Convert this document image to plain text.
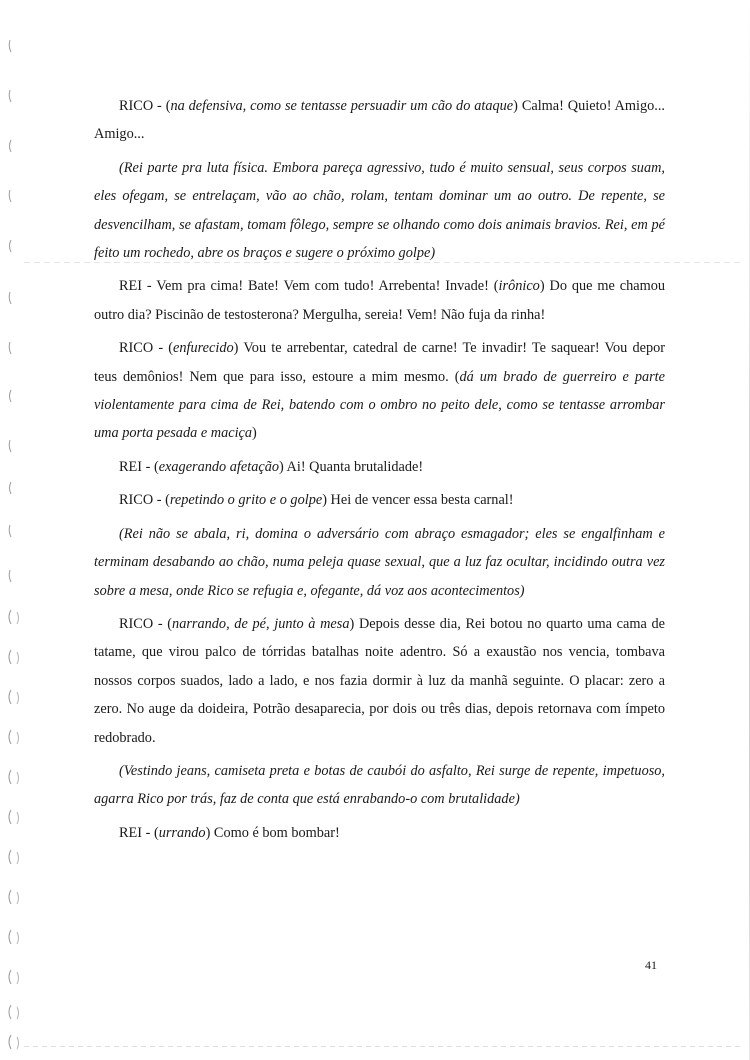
RICO - (na defensiva, como se tentasse persuadir um cão do ataque) Calma! Quieto! Amigo... Amigo...

(Rei parte pra luta física. Embora pareça agressivo, tudo é muito sensual, seus corpos suam, eles ofegam, se entrelaçam, vão ao chão, rolam, tentam dominar um ao outro. De repente, se desvencilham, se afastam, tomam fôlego, sempre se olhando como dois animais bravios. Rei, em pé feito um rochedo, abre os braços e sugere o próximo golpe)

REI - Vem pra cima! Bate! Vem com tudo! Arrebenta! Invade! (irônico) Do que me chamou outro dia? Piscinão de testosterona? Mergulha, sereia! Vem! Não fuja da rinha!

RICO - (enfurecido) Vou te arrebentar, catedral de carne! Te invadir! Te saquear! Vou depor teus demônios! Nem que para isso, estoure a mim mesmo. (dá um brado de guerreiro e parte violentamente para cima de Rei, batendo com o ombro no peito dele, como se tentasse arrombar uma porta pesada e maciça)

REI - (exagerando afetação) Ai! Quanta brutalidade!

RICO - (repetindo o grito e o golpe) Hei de vencer essa besta carnal!

(Rei não se abala, ri, domina o adversário com abraço esmagador; eles se engalfinham e terminam desabando ao chão, numa peleja quase sexual, que a luz faz ocultar, incidindo outra vez sobre a mesa, onde Rico se refugia e, ofegante, dá voz aos acontecimentos)

RICO - (narrando, de pé, junto à mesa) Depois desse dia, Rei botou no quarto uma cama de tatame, que virou palco de tórridas batalhas noite adentro. Só a exaustão nos vencia, tombava nossos corpos suados, lado a lado, e nos fazia dormir à luz da manhã seguinte. O placar: zero a zero. No auge da doideira, Potrão desaparecia, por dois ou três dias, depois retornava com ímpeto redobrado.

(Vestindo jeans, camiseta preta e botas de caubói do asfalto, Rei surge de repente, impetuoso, agarra Rico por trás, faz de conta que está enrabando-o com brutalidade)

REI - (urrando) Como é bom bombar!

41
